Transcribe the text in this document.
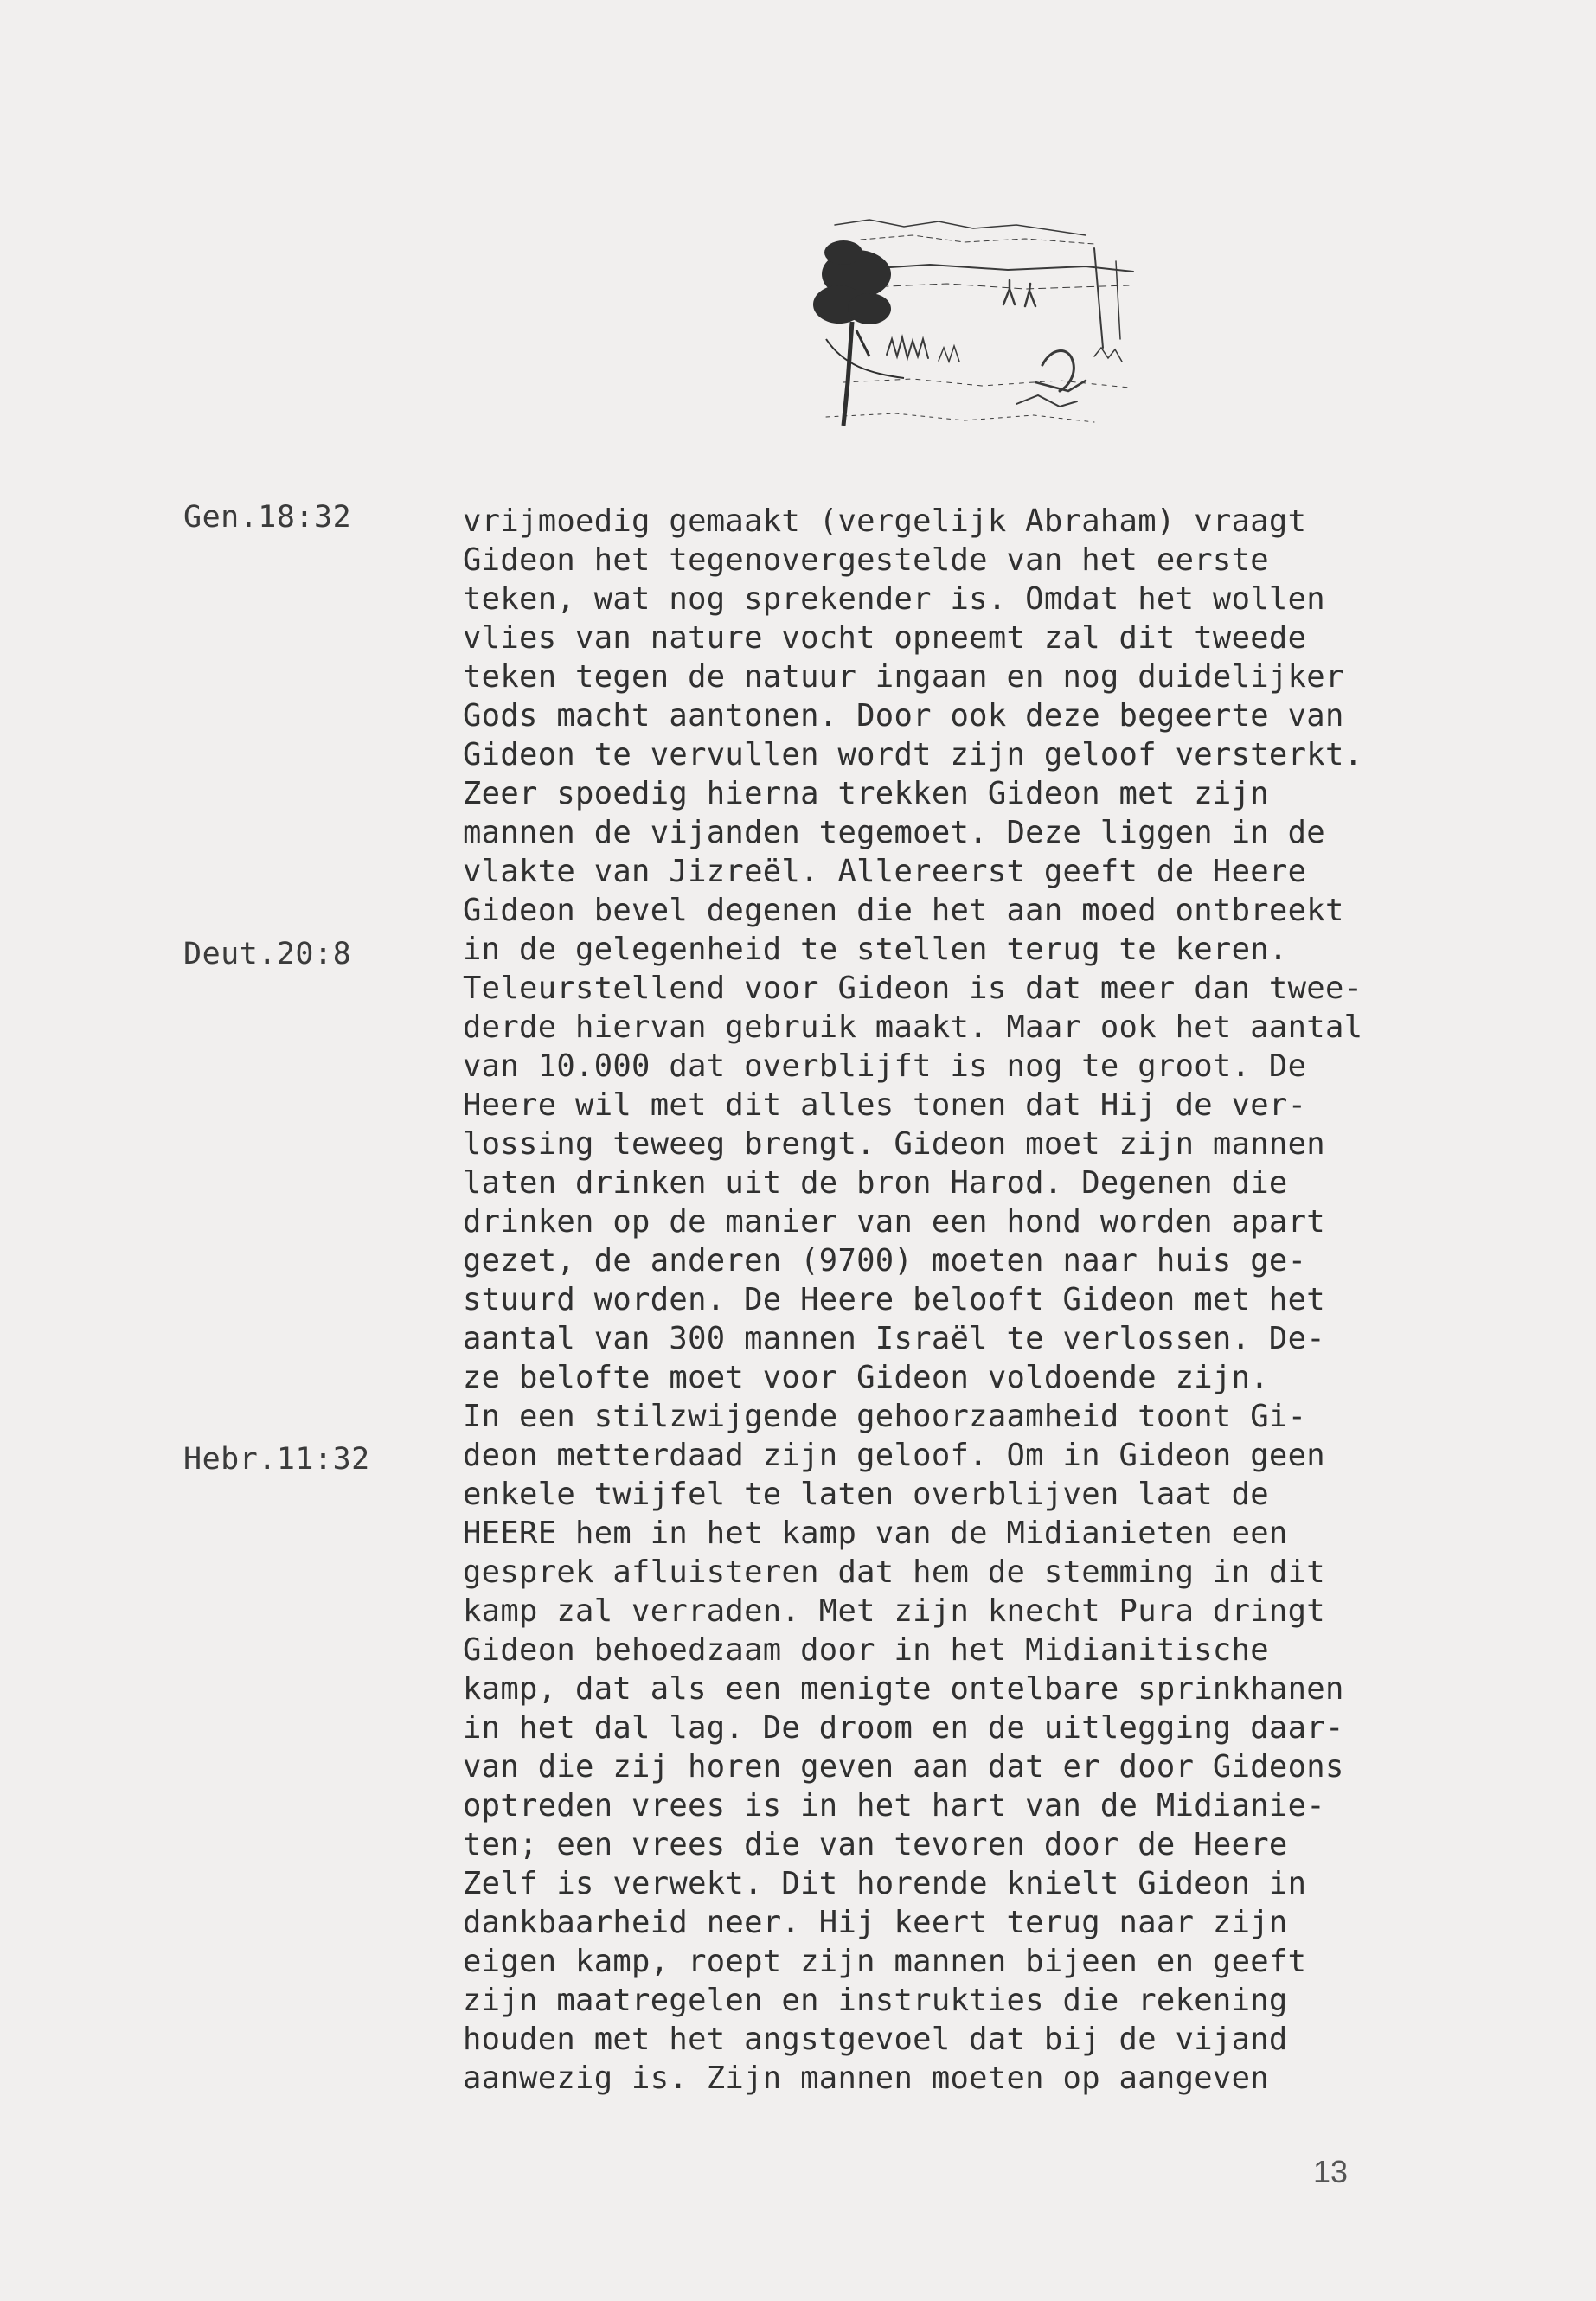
Gen.18:32
Deut.20:8
Hebr.11:32
vrijmoedig gemaakt (vergelijk Abraham) vraagt
Gideon het tegenovergestelde van het eerste
teken, wat nog sprekender is. Omdat het wollen
vlies van nature vocht opneemt zal dit tweede
teken tegen de natuur ingaan en nog duidelijker
Gods macht aantonen. Door ook deze begeerte van
Gideon te vervullen wordt zijn geloof versterkt.
Zeer spoedig hierna trekken Gideon met zijn
mannen de vijanden tegemoet. Deze liggen in de
vlakte van Jizreël. Allereerst geeft de Heere
Gideon bevel degenen die het aan moed ontbreekt
in de gelegenheid te stellen terug te keren.
Teleurstellend voor Gideon is dat meer dan twee-
derde hiervan gebruik maakt. Maar ook het aantal
van 10.000 dat overblijft is nog te groot. De
Heere wil met dit alles tonen dat Hij de ver-
lossing teweeg brengt. Gideon moet zijn mannen
laten drinken uit de bron Harod. Degenen die
drinken op de manier van een hond worden apart
gezet, de anderen (9700) moeten naar huis ge-
stuurd worden. De Heere belooft Gideon met het
aantal van 300 mannen Israël te verlossen. De-
ze belofte moet voor Gideon voldoende zijn.
In een stilzwijgende gehoorzaamheid toont Gi-
deon metterdaad zijn geloof. Om in Gideon geen
enkele twijfel te laten overblijven laat de
HEERE hem in het kamp van de Midianieten een
gesprek afluisteren dat hem de stemming in dit
kamp zal verraden. Met zijn knecht Pura dringt
Gideon behoedzaam door in het Midianitische
kamp, dat als een menigte ontelbare sprinkhanen
in het dal lag. De droom en de uitlegging daar-
van die zij horen geven aan dat er door Gideons
optreden vrees is in het hart van de Midianie-
ten; een vrees die van tevoren door de Heere
Zelf is verwekt. Dit horende knielt Gideon in
dankbaarheid neer. Hij keert terug naar zijn
eigen kamp, roept zijn mannen bijeen en geeft
zijn maatregelen en instrukties die rekening
houden met het angstgevoel dat bij de vijand
aanwezig is. Zijn mannen moeten op aangeven
13
